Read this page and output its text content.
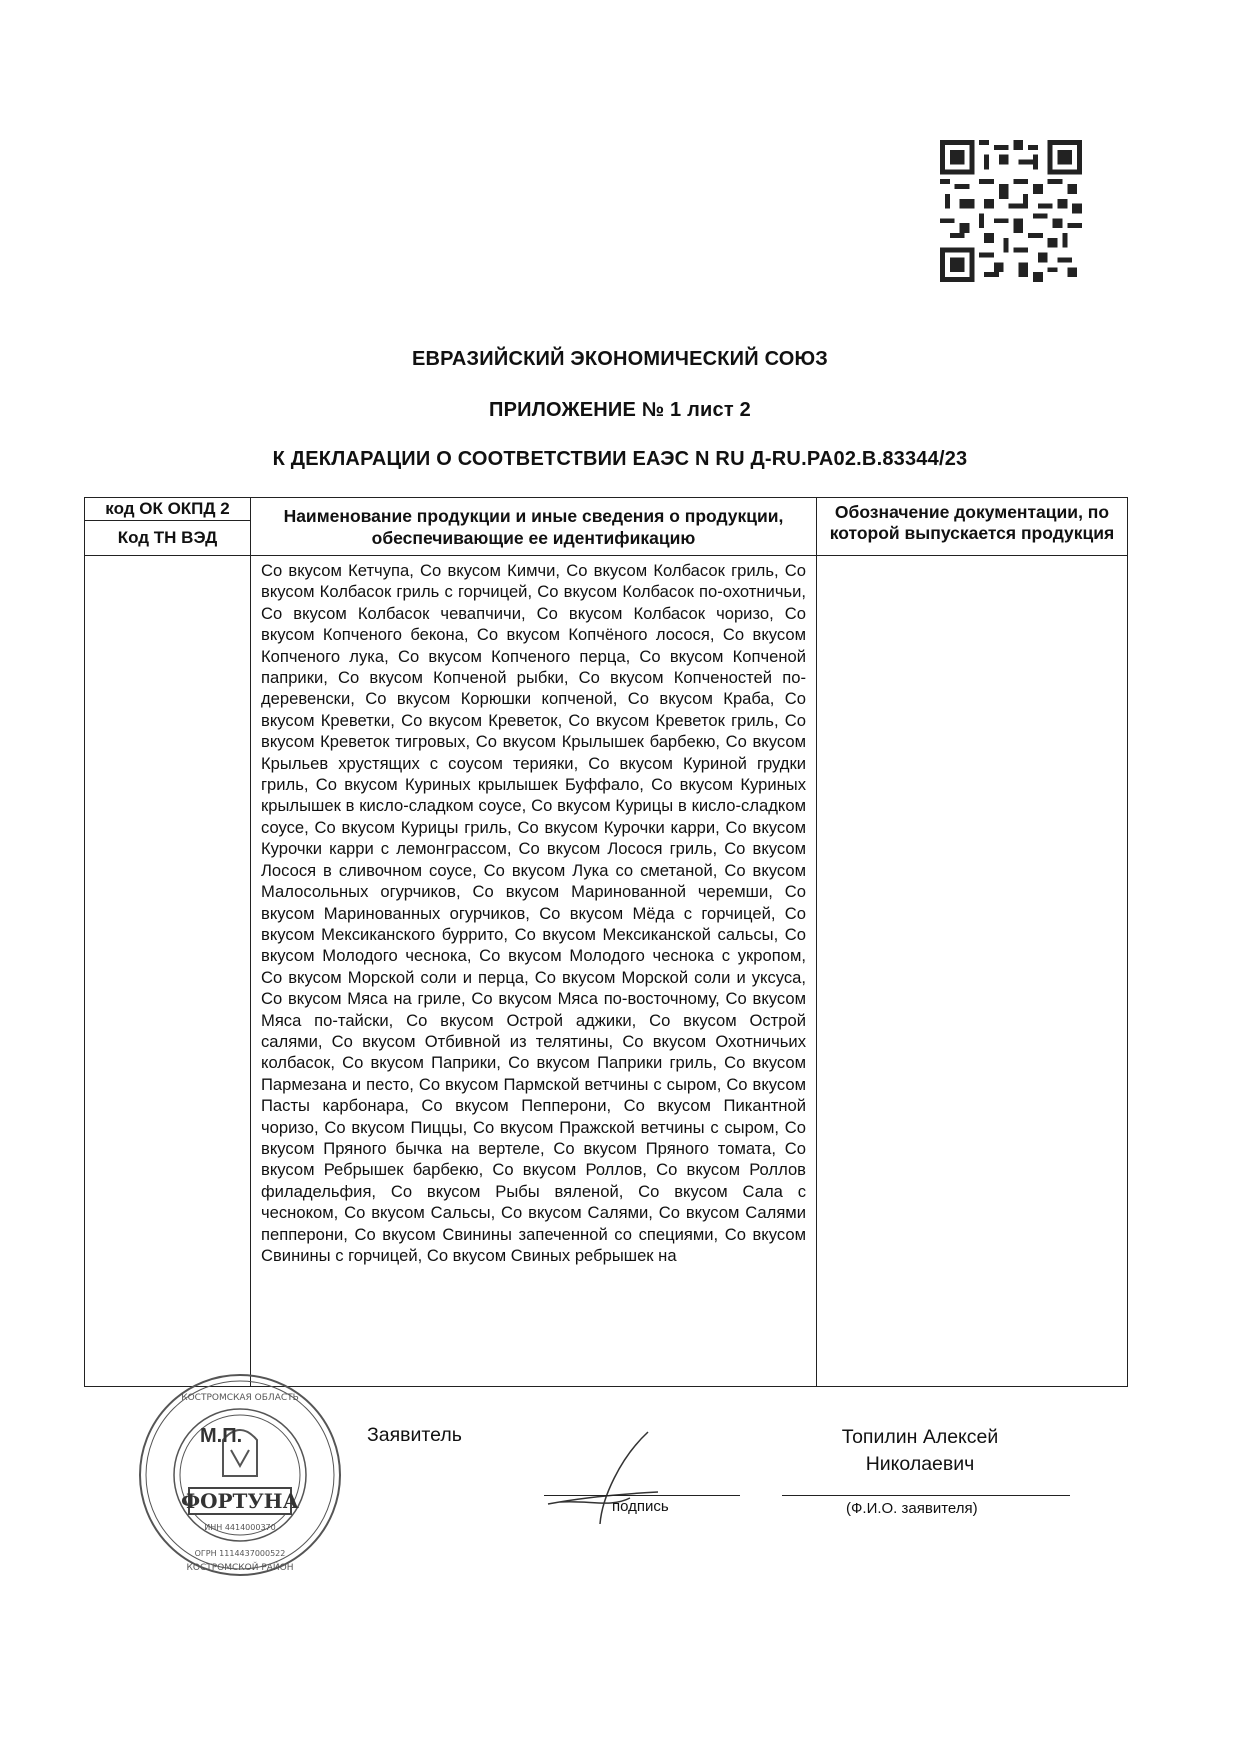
ЕВРАЗИЙСКИЙ ЭКОНОМИЧЕСКИЙ СОЮЗ
ПРИЛОЖЕНИЕ № 1 лист 2
К ДЕКЛАРАЦИИ О СООТВЕТСТВИИ ЕАЭС N RU Д-RU.PA02.B.83344/23
код ОК ОКПД 2	Наименование продукции и иные сведения о продукции, обеспечивающие ее идентификацию	Обозначение документации, по которой выпускается продукция
Код ТН ВЭД		

	Со вкусом Кетчупа, Со вкусом Кимчи, Со вкусом Колбасок гриль, Со вкусом Колбасок гриль с горчицей, Со вкусом Колбасок по-охотничьи, Со вкусом Колбасок чевапчичи, Со вкусом Колбасок чоризо, Со вкусом Копченого бекона, Со вкусом Копчёного лосося, Со вкусом Копченого лука, Со вкусом Копченого перца, Со вкусом Копченой паприки, Со вкусом Копченой рыбки, Со вкусом Копченостей по-деревенски, Со вкусом Корюшки копченой, Со вкусом Краба, Со вкусом Креветки, Со вкусом Креветок, Со вкусом Креветок гриль, Со вкусом Креветок тигровых, Со вкусом Крылышек барбекю, Со вкусом Крыльев хрустящих с соусом терияки, Со вкусом Куриной грудки гриль, Со вкусом Куриных крылышек Буффало, Со вкусом Куриных крылышек в кисло-сладком соусе, Со вкусом Курицы в кисло-сладком соусе, Со вкусом Курицы гриль, Со вкусом Курочки карри, Со вкусом Курочки карри с лемонграссом, Со вкусом Лосося гриль, Со вкусом Лосося в сливочном соусе, Со вкусом Лука со сметаной, Со вкусом Малосольных огурчиков, Со вкусом Маринованной черемши, Со вкусом Маринованных огурчиков, Со вкусом Мёда с горчицей, Со вкусом Мексиканского буррито, Со вкусом Мексиканской сальсы, Со вкусом Молодого чеснока, Со вкусом Молодого чеснока с укропом, Со вкусом Морской соли и перца, Со вкусом Морской соли и уксуса, Со вкусом Мяса на гриле, Со вкусом Мяса по-восточному, Со вкусом Мяса по-тайски, Со вкусом Острой аджики, Со вкусом Острой салями, Со вкусом Отбивной из телятины, Со вкусом Охотничьих колбасок, Со вкусом Паприки, Со вкусом Паприки гриль, Со вкусом Пармезана и песто, Со вкусом Пармской ветчины с сыром, Со вкусом Пасты карбонара, Со вкусом Пепперони, Со вкусом Пикантной чоризо, Со вкусом Пиццы, Со вкусом Пражской ветчины с сыром, Со вкусом Пряного бычка на вертеле, Со вкусом Пряного томата, Со вкусом Ребрышек барбекю, Со вкусом Роллов, Со вкусом Роллов филадельфия, Со вкусом Рыбы вяленой, Со вкусом Сала с чесноком, Со вкусом Сальсы, Со вкусом Салями, Со вкусом Салями пепперони, Со вкусом Свинины запеченной со специями, Со вкусом Свинины с горчицей, Со вкусом Свиных ребрышек на	

ФОРТУНА
ИНН 4414000370
ОГРН 1114437000522
КОСТРОМСКАЯ ОБЛАСТЬ
КОСТРОМСКОЙ РАЙОН
М.П.	Заявитель
подпись
Топилин Алексей Николаевич
(Ф.И.О. заявителя)
